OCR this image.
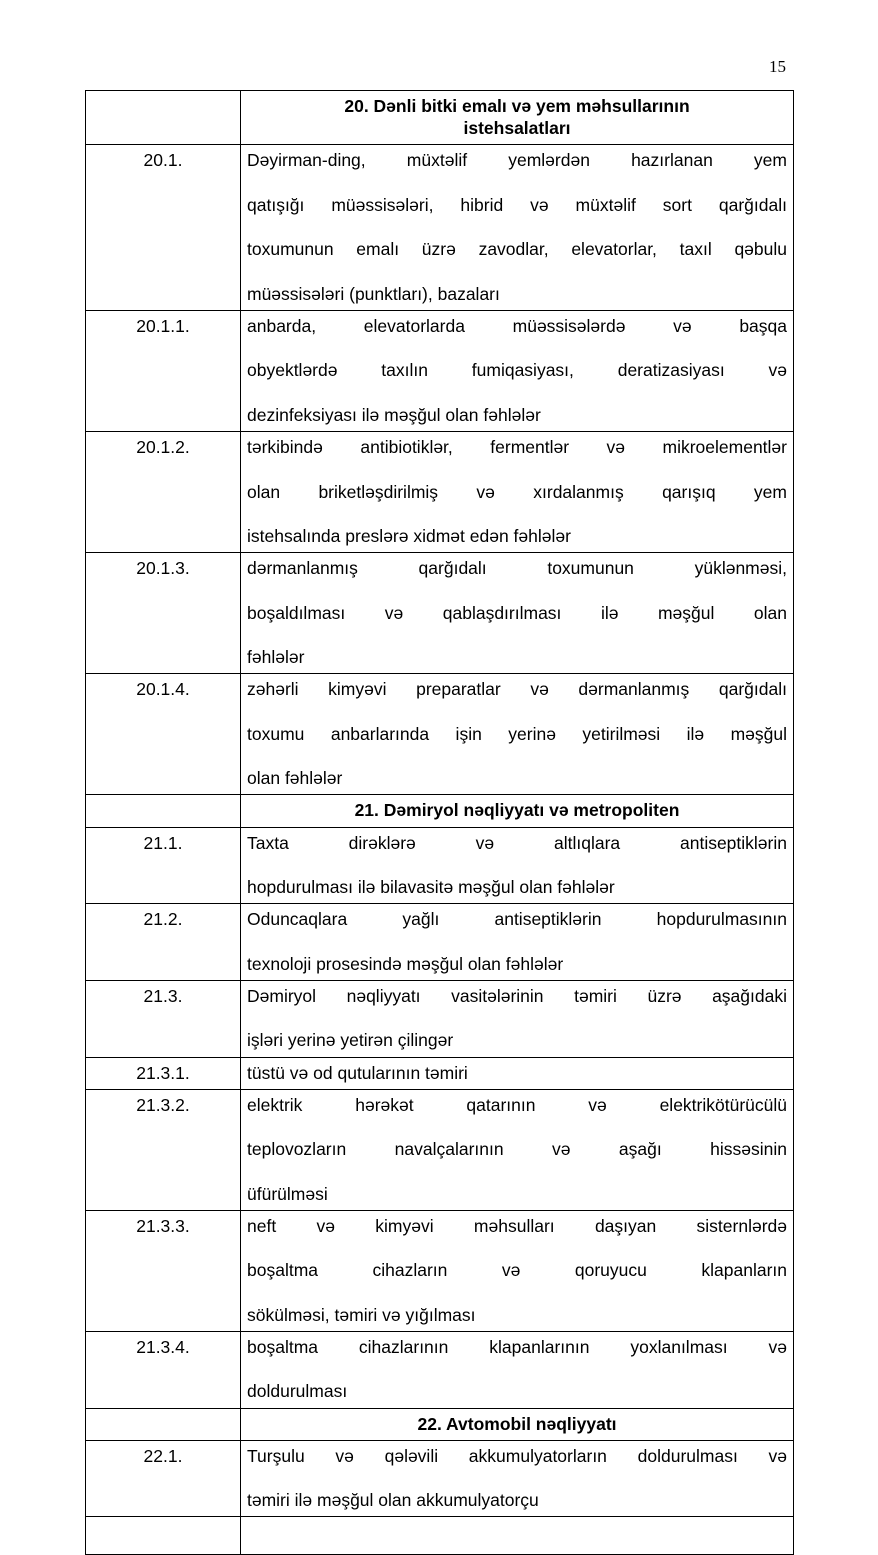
15

	20. Dənli bitki emalı və yem məhsullarının
istehsalatları

20.1.	Dəyirman-ding, müxtəlif yemlərdən hazırlanan yem
qatışığı müəssisələri, hibrid və müxtəlif sort qarğıdalı
toxumunun emalı üzrə zavodlar, elevatorlar, taxıl qəbulu
müəssisələri (punktları), bazaları

20.1.1.	anbarda, elevatorlarda müəssisələrdə və başqa
obyektlərdə taxılın fumiqasiyası, deratizasiyası və
dezinfeksiyası ilə məşğul olan fəhlələr

20.1.2.	tərkibində antibiotiklər, fermentlər və mikroelementlər
olan briketləşdirilmiş və xırdalanmış qarışıq yem
istehsalında preslərə xidmət edən fəhlələr

20.1.3.	dərmanlanmış qarğıdalı toxumunun yüklənməsi,
boşaldılması və qablaşdırılması ilə məşğul olan
fəhlələr

20.1.4.	zəhərli kimyəvi preparatlar və dərmanlanmış qarğıdalı
toxumu anbarlarında işin yerinə yetirilməsi ilə məşğul
olan fəhlələr

	21. Dəmiryol nəqliyyatı və metropoliten

21.1.	Taxta dirəklərə və altlıqlara antiseptiklərin
hopdurulması ilə bilavasitə məşğul olan fəhlələr

21.2.	Oduncaqlara yağlı antiseptiklərin hopdurulmasının
texnoloji prosesində məşğul olan fəhlələr

21.3.	Dəmiryol nəqliyyatı vasitələrinin təmiri üzrə aşağıdaki
işləri yerinə yetirən çilingər

21.3.1.	tüstü və od qutularının təmiri

21.3.2.	elektrik hərəkət qatarının və elektrikötürücülü
teplovozların navalçalarının və aşağı hissəsinin
üfürülməsi

21.3.3.	neft və kimyəvi məhsulları daşıyan sisternlərdə
boşaltma cihazların və qoruyucu klapanların
sökülməsi, təmiri və yığılması

21.3.4.	boşaltma cihazlarının klapanlarının yoxlanılması və
doldurulması

	22. Avtomobil nəqliyyatı

22.1.	Turşulu və qələvili akkumulyatorların doldurulması və
təmiri ilə məşğul olan akkumulyatorçu
